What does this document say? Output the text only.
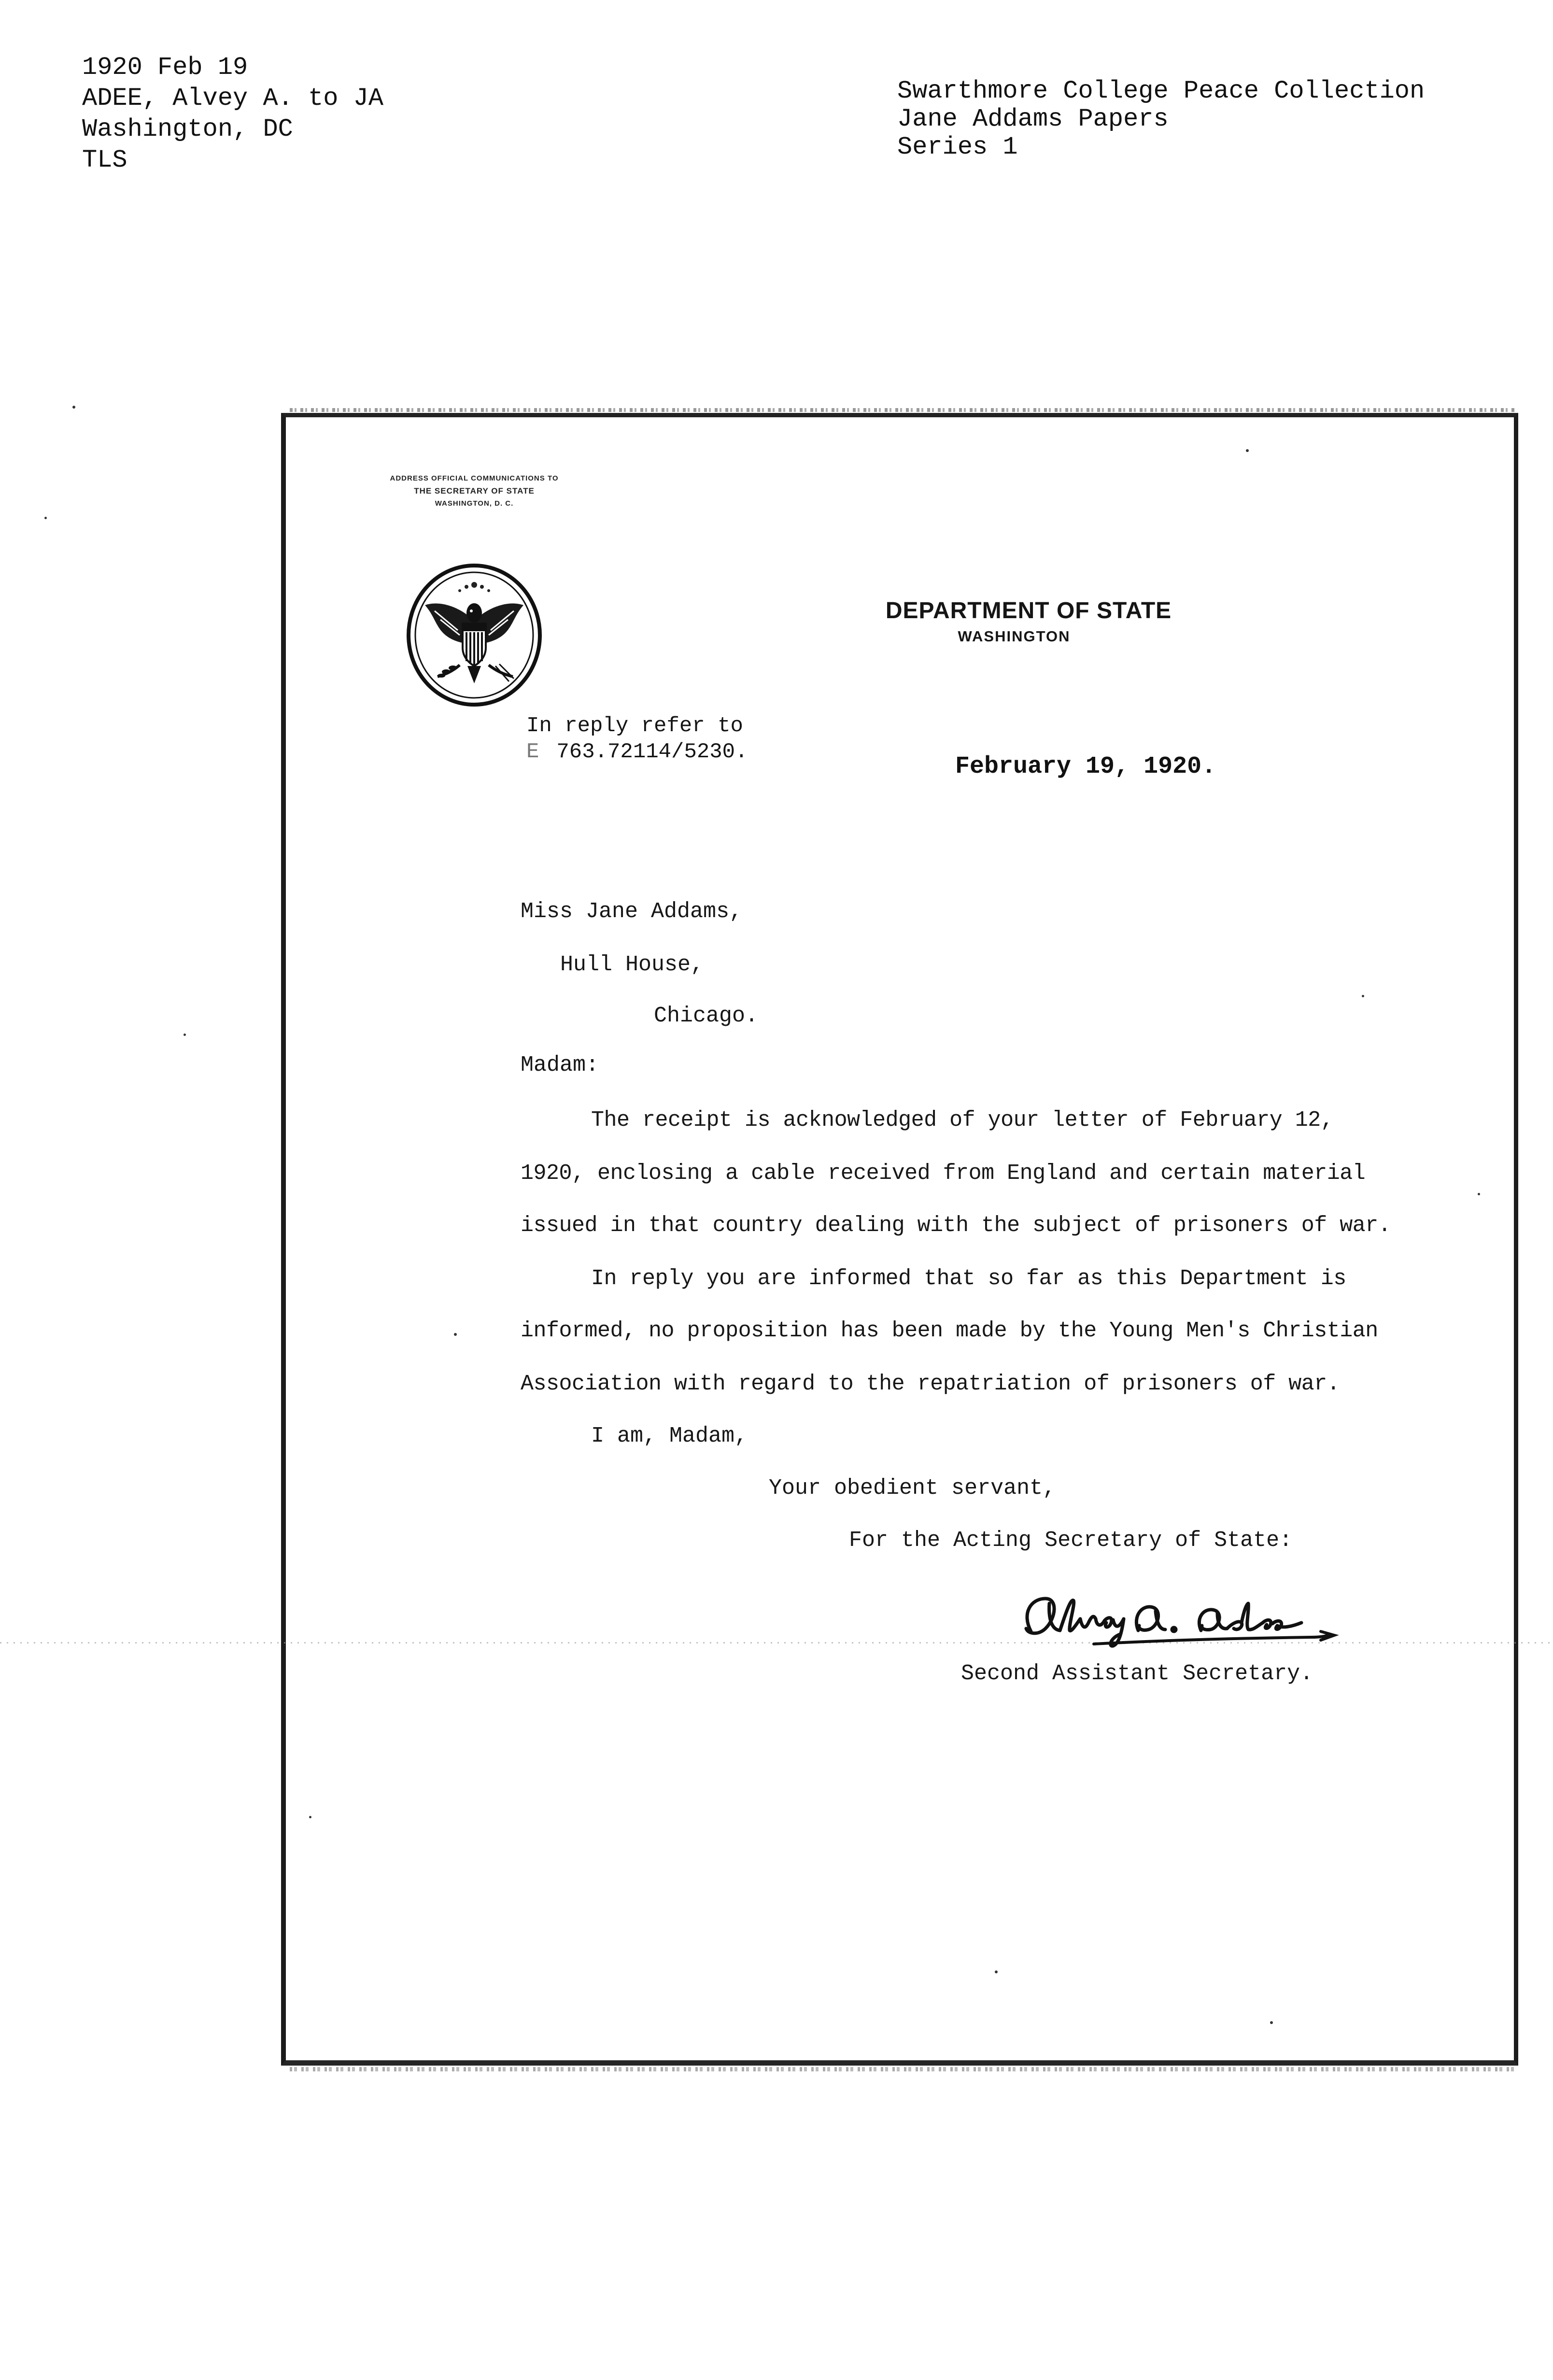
1920 Feb 19
ADEE, Alvey A. to JA
Washington, DC
TLS
Swarthmore College Peace Collection
Jane Addams Papers
Series 1
ADDRESS OFFICIAL COMMUNICATIONS TO
THE SECRETARY OF STATE
WASHINGTON, D. C.
DEPARTMENT OF STATE
WASHINGTON
In reply refer to
E 763.72114/5230.
February 19, 1920.
Miss Jane Addams,
Hull House,
Chicago.
Madam:
The receipt is acknowledged of your letter of February 12,
1920, enclosing a cable received from England and certain material
issued in that country dealing with the subject of prisoners of war.
In reply you are informed that so far as this Department is
informed, no proposition has been made by the Young Men's Christian
Association with regard to the repatriation of prisoners of war.
I am, Madam,
Your obedient servant,
For the Acting Secretary of State:
Second Assistant Secretary.
